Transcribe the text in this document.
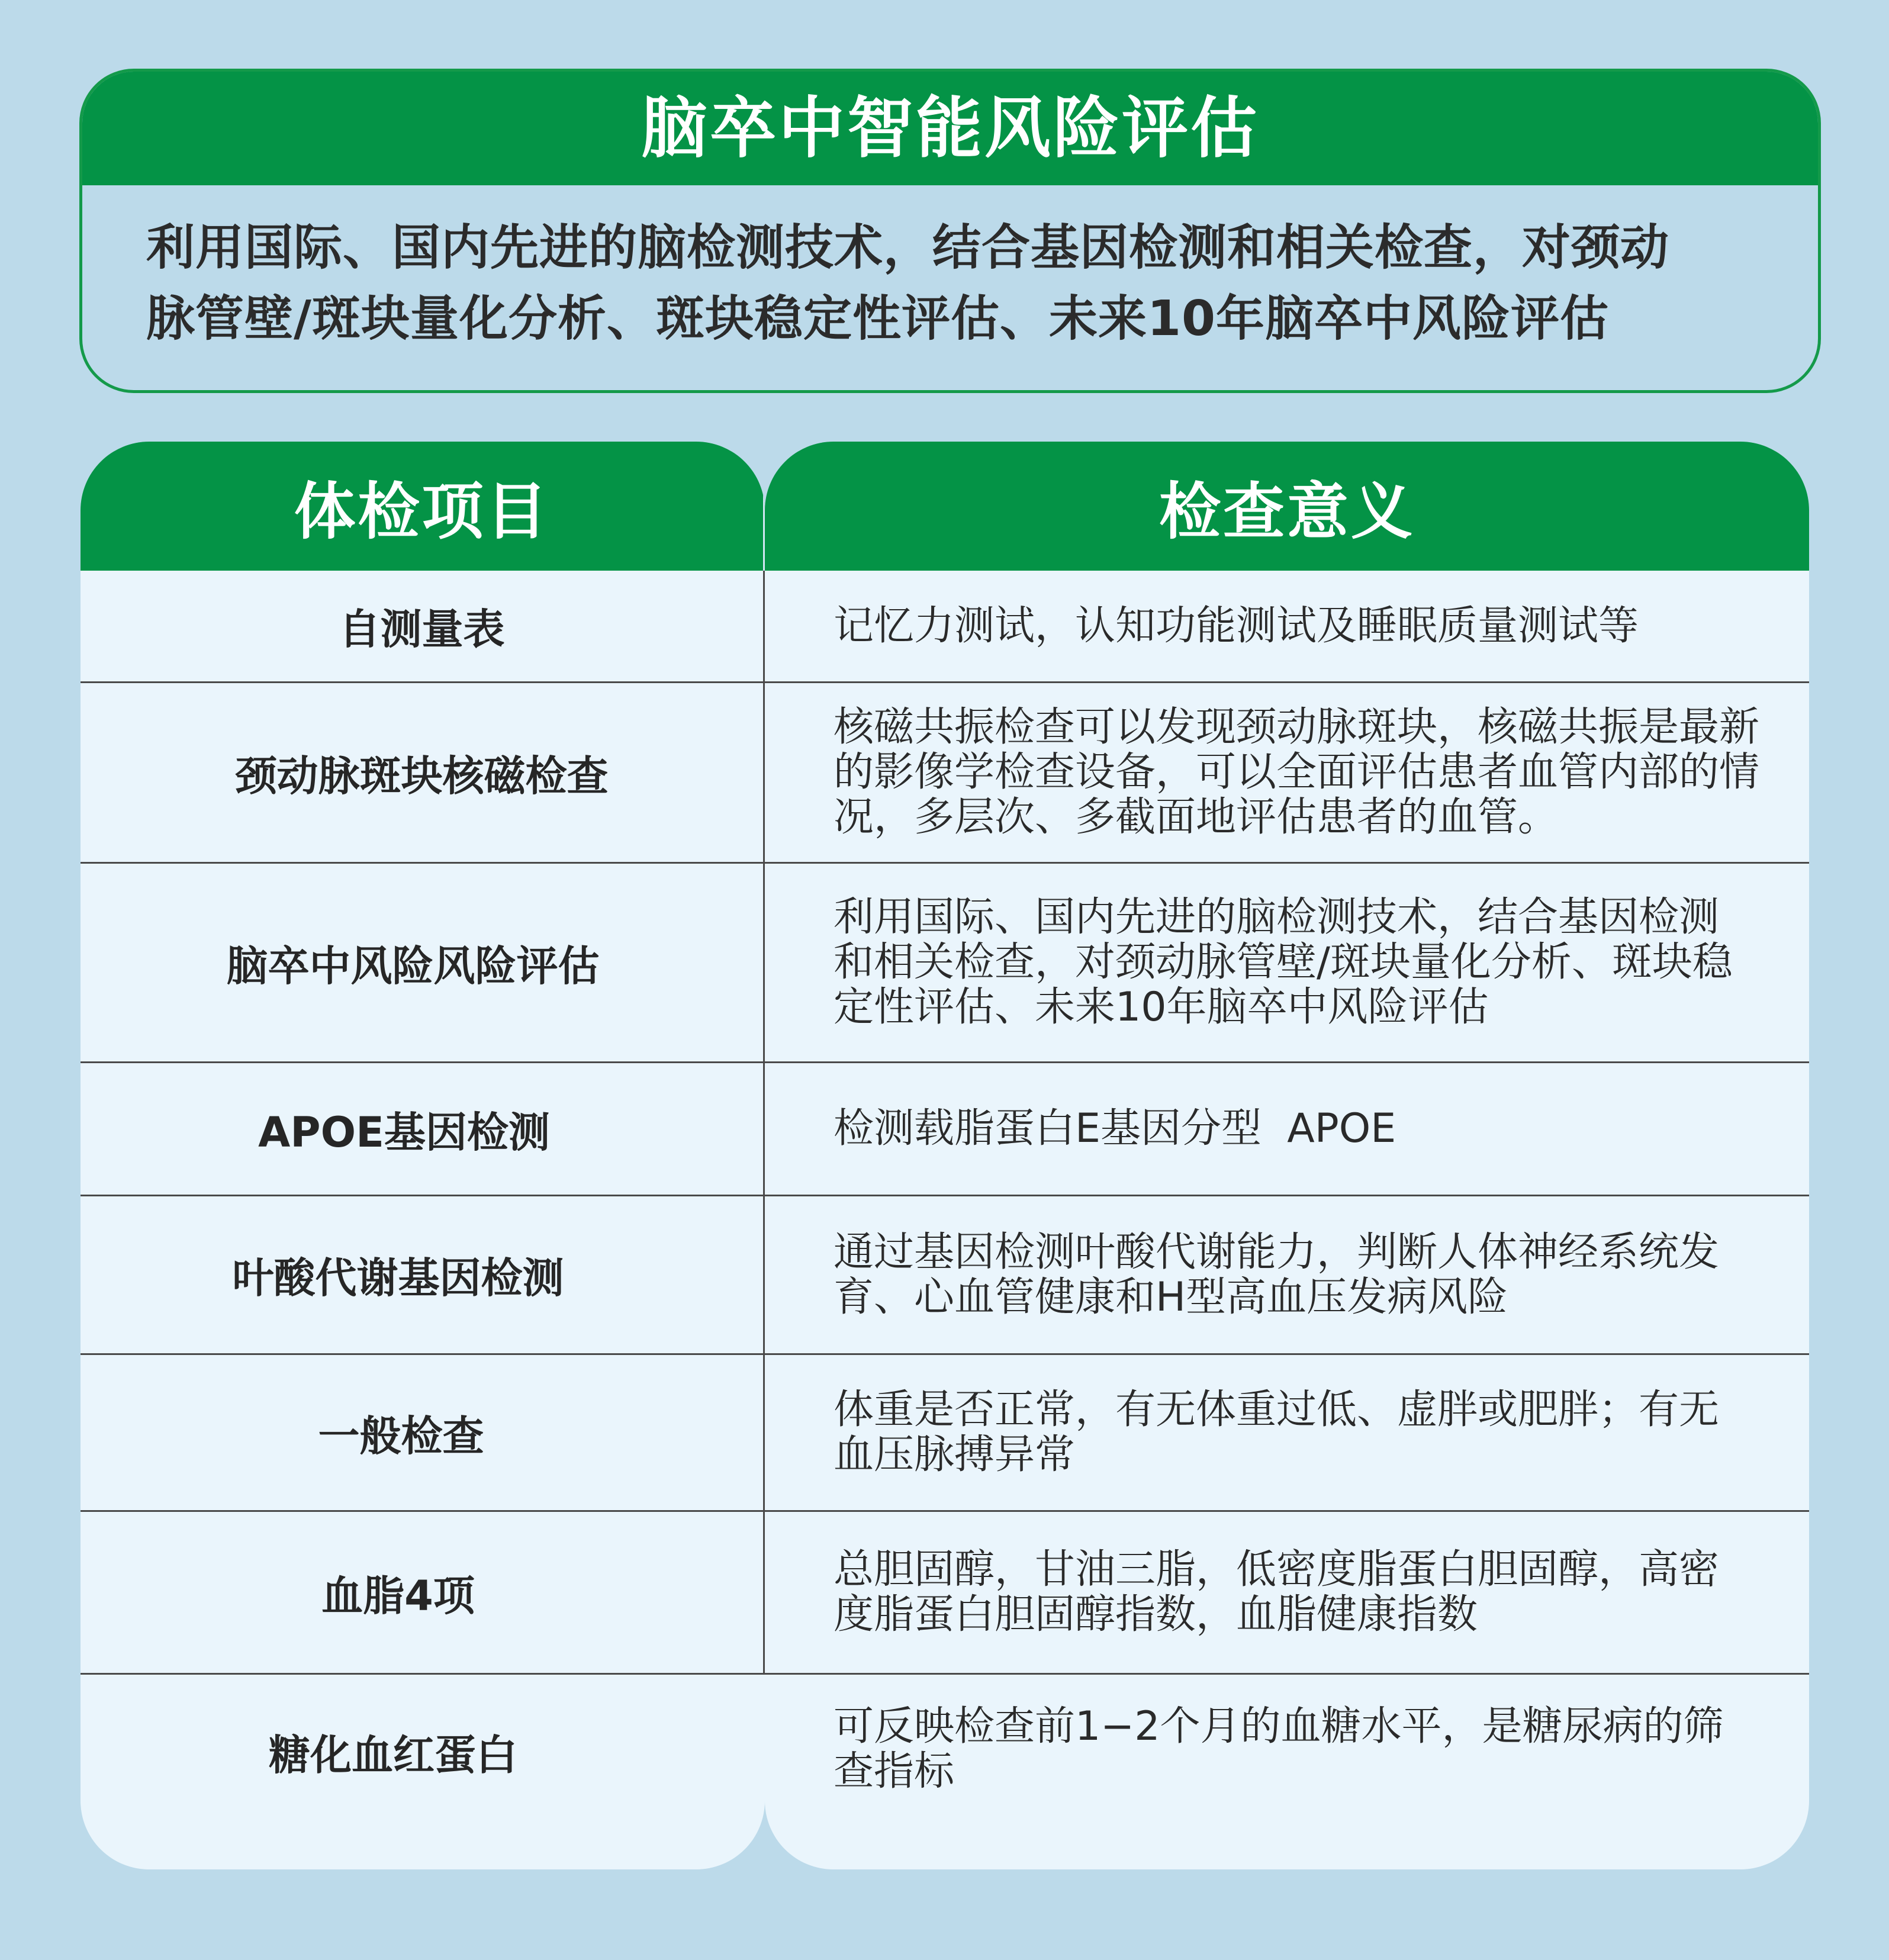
脑卒中智能风险评估
利用国际、国内先进的脑检测技术，结合基因检测和相关检查，对颈动
脉管壁/斑块量化分析、斑块稳定性评估、未来10年脑卒中风险评估
体检项目
自测量表
颈动脉斑块核磁检查
脑卒中风险风险评估
APOE基因检测
叶酸代谢基因检测
一般检查
血脂4项
糖化血红蛋白
检查意义
记忆力测试，认知功能测试及睡眠质量测试等
核磁共振检查可以发现颈动脉斑块，核磁共振是最新
的影像学检查设备，可以全面评估患者血管内部的情
况，多层次、多截面地评估患者的血管。
利用国际、国内先进的脑检测技术，结合基因检测
和相关检查，对颈动脉管壁/斑块量化分析、斑块稳
定性评估、未来10年脑卒中风险评估
检测载脂蛋白E基因分型  APOE
通过基因检测叶酸代谢能力，判断人体神经系统发
育、心血管健康和H型高血压发病风险
体重是否正常，有无体重过低、虚胖或肥胖；有无
血压脉搏异常
总胆固醇，甘油三脂，低密度脂蛋白胆固醇，高密
度脂蛋白胆固醇指数，血脂健康指数
可反映检查前1−2个月的血糖水平，是糖尿病的筛
查指标
